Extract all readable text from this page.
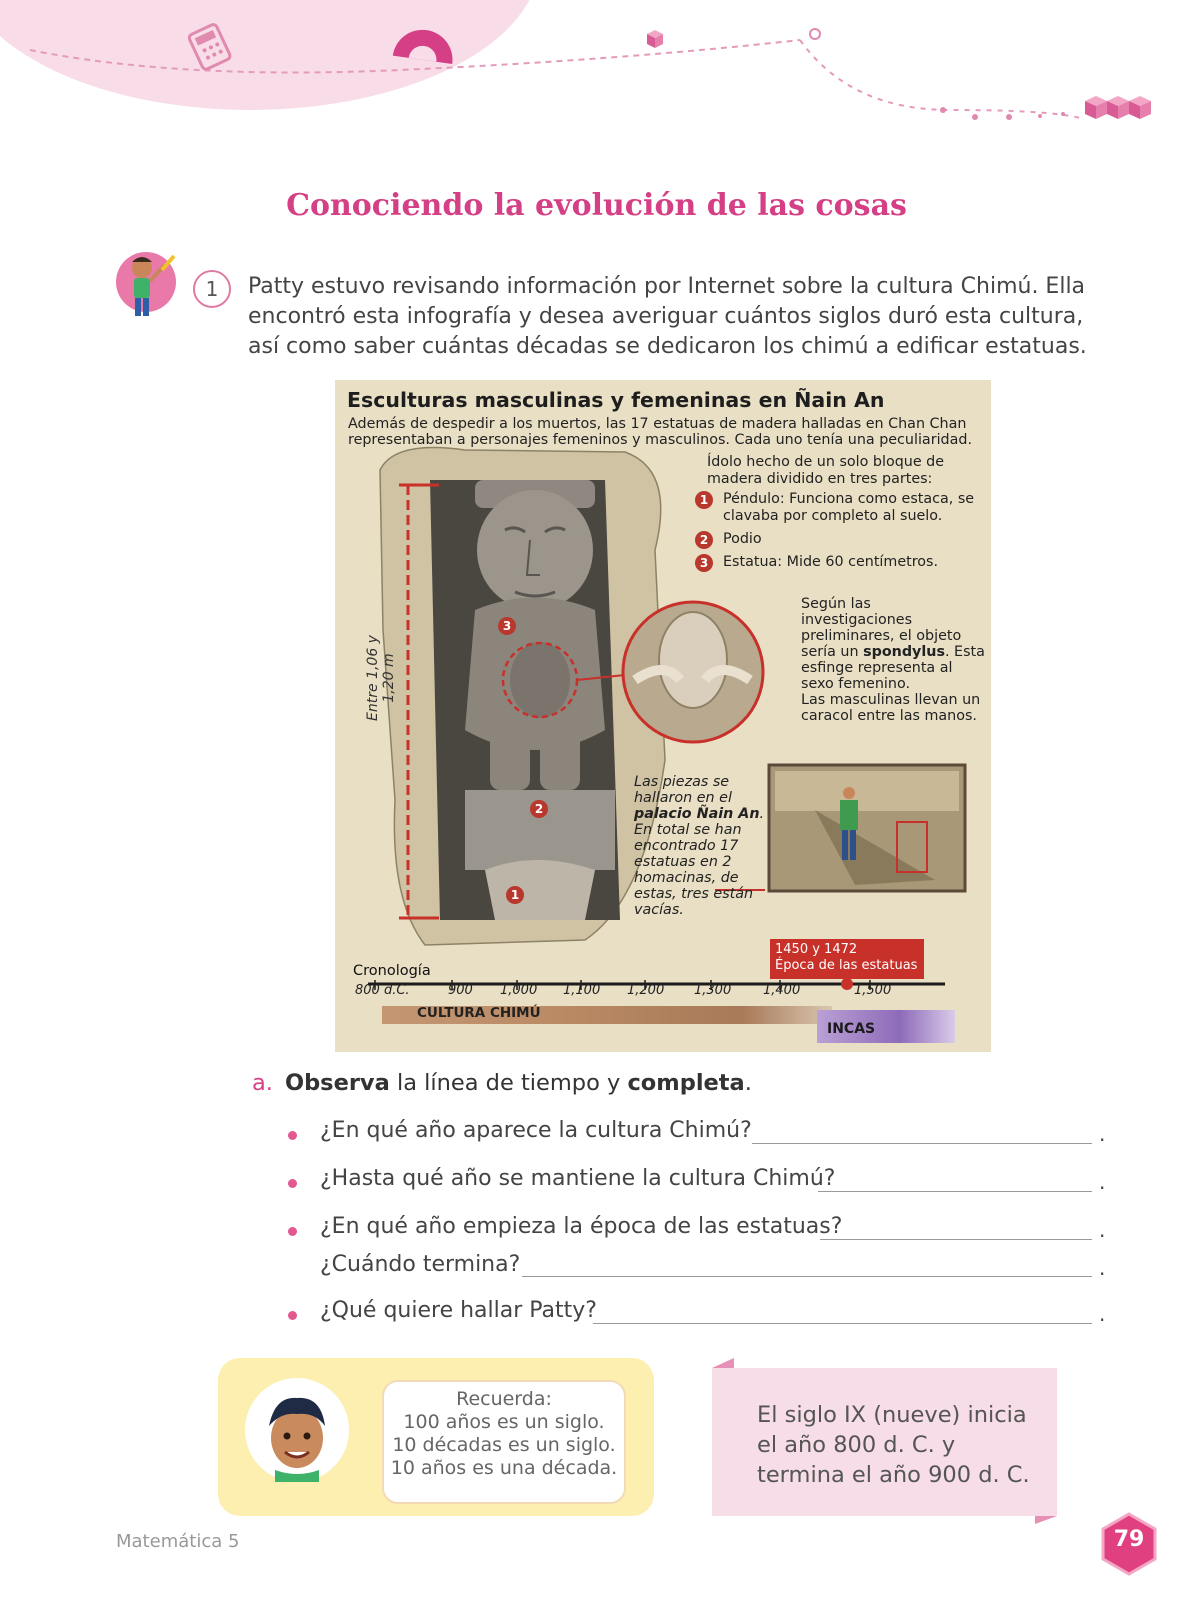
Conociendo la evolución de las cosas
1	Patty estuvo revisando información por Internet sobre la cultura Chimú. Ella encontró esta infografía y desea averiguar cuántos siglos duró esta cultura, así como saber cuántas décadas se dedicaron los chimú a edificar estatuas.
Esculturas masculinas y femeninas en Ñain An
Además de despedir a los muertos, las 17 estatuas de madera halladas en Chan Chan representaban a personajes femeninos y masculinos. Cada uno tenía una peculiaridad.
Ídolo hecho de un solo bloque de madera dividido en tres partes:
1	Péndulo: Funciona como estaca, se clavaba por completo al suelo.
2	Podio
3	Estatua: Mide 60 centímetros.
3
2
1
Según las investigaciones preliminares, el objeto sería un spondylus. Esta esfinge representa al sexo femenino.
Las masculinas llevan un caracol entre las manos.
Las piezas se hallaron en el palacio Ñain An. En total se han encontrado 17 estatuas en 2 homacinas, de estas, tres están vacías.
Entre 1,06 y 1,20 m
Cronología
800 d.C.	900 1,000 1,100 1,200 1,300 1,400	1,500
1450 y 1472
Época de las estatuas
CULTURA CHIMÚ
INCAS
a. Observa la línea de tiempo y completa.
¿En qué año aparece la cultura Chimú?	.
¿Hasta qué año se mantiene la cultura Chimú?	.
¿En qué año empieza la época de las estatuas?	.
¿Cuándo termina?	.
¿Qué quiere hallar Patty?	.
Recuerda:
100 años es un siglo.
10 décadas es un siglo.
10 años es una década.
El siglo IX (nueve) inicia el año 800 d. C. y termina el año 900 d. C.
Matemática 5	79
